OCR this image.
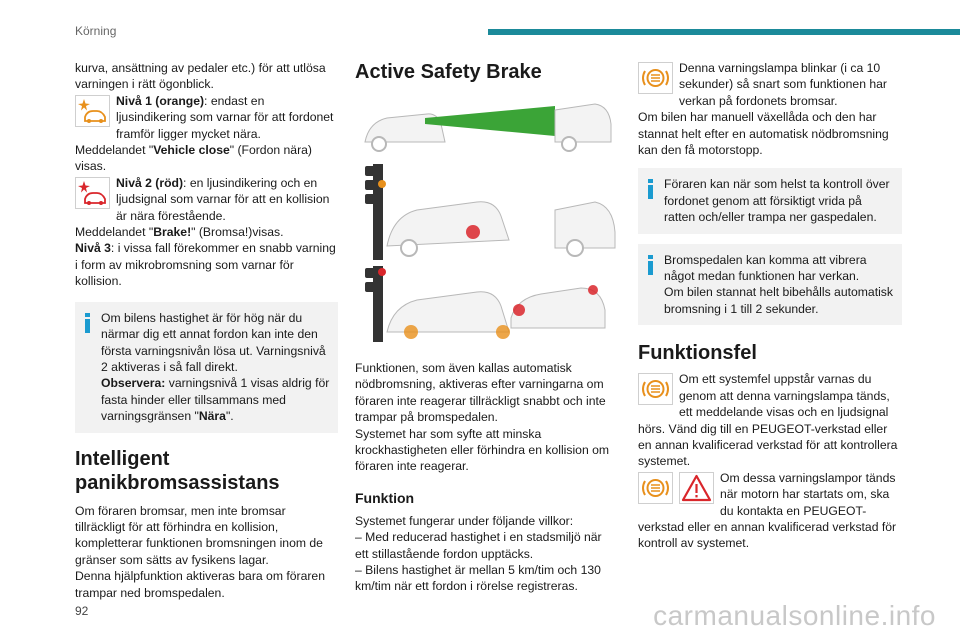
Körning

kurva, ansättning av pedaler etc.) för att utlösa varningen i rätt ögonblick.

Nivå 1 (orange): endast en ljusindikering som varnar för att fordonet framför ligger mycket nära.

Meddelandet "Vehicle close" (Fordon nära) visas.

Nivå 2 (röd): en ljusindikering och en ljudsignal som varnar för att en kollision är nära förestående.

Meddelandet "Brake!" (Bromsa!)visas.

Nivå 3: i vissa fall förekommer en snabb varning i form av mikrobromsning som varnar för kollision.

Om bilens hastighet är för hög när du närmar dig ett annat fordon kan inte den första varningsnivån lösa ut. Varningsnivå 2 aktiveras i så fall direkt.

Observera: varningsnivå 1 visas aldrig för fasta hinder eller tillsammans med varningsgränsen "Nära".

Intelligent panikbromsassistans

Om föraren bromsar, men inte bromsar tillräckligt för att förhindra en kollision, kompletterar funktionen bromsningen inom de gränser som sätts av fysikens lagar.

Denna hjälpfunktion aktiveras bara om föraren trampar ned bromspedalen.

Active Safety Brake

Funktionen, som även kallas automatisk nödbromsning, aktiveras efter varningarna om föraren inte reagerar tillräckligt snabbt och inte trampar på bromspedalen.

Systemet har som syfte att minska krockhastigheten eller förhindra en kollision om föraren inte reagerar.

Funktion

Systemet fungerar under följande villkor:

– Med reducerad hastighet i en stadsmiljö när ett stillastående fordon upptäcks.

– Bilens hastighet är mellan 5 km/tim och 130 km/tim när ett fordon i rörelse registreras.

Denna varningslampa blinkar (i ca 10 sekunder) så snart som funktionen har verkan på fordonets bromsar.

Om bilen har manuell växellåda och den har stannat helt efter en automatisk nödbromsning kan den få motorstopp.

Föraren kan när som helst ta kontroll över fordonet genom att försiktigt vrida på ratten och/eller trampa ner gaspedalen.

Bromspedalen kan komma att vibrera något medan funktionen har verkan.

Om bilen stannat helt bibehålls automatisk bromsning i 1 till 2 sekunder.

Funktionsfel

Om ett systemfel uppstår varnas du genom att denna varningslampa tänds, ett meddelande visas och en ljudsignal hörs. Vänd dig till en PEUGEOT-verkstad eller en annan kvalificerad verkstad för att kontrollera systemet.

Om dessa varningslampor tänds när motorn har startats om, ska du kontakta en PEUGEOT-verkstad eller en annan kvalificerad verkstad för kontroll av systemet.

92	carmanualsonline.info
